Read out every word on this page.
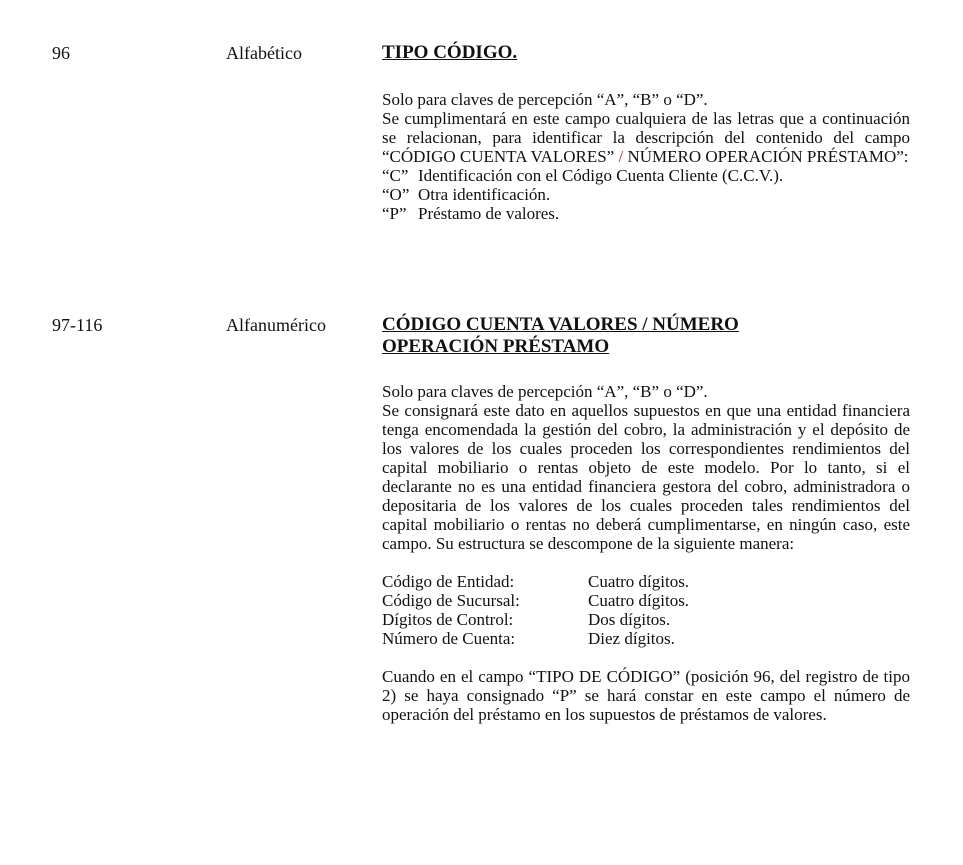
96	Alfabético	TIPO CÓDIGO.

Solo para claves de percepción “A”, “B” o “D”.

Se cumplimentará en este campo cualquiera de las letras que a continuación se relacionan, para identificar la descripción del contenido del campo “CÓDIGO CUENTA VALORES” / NÚMERO OPERACIÓN PRÉSTAMO”:

“C” Identificación con el Código Cuenta Cliente (C.C.V.).
“O” Otra identificación.
“P” Préstamo de valores.
97-116	Alfanumérico	CÓDIGO CUENTA VALORES / NÚMERO

OPERACIÓN PRÉSTAMO

Solo para claves de percepción “A”, “B” o “D”.

Se consignará este dato en aquellos supuestos en que una entidad financiera tenga encomendada la gestión del cobro, la administración y el depósito de los valores de los cuales proceden los correspondientes rendimientos del capital mobiliario o rentas objeto de este modelo. Por lo tanto, si el declarante no es una entidad financiera gestora del cobro, administradora o depositaria de los valores de los cuales proceden tales rendimientos del capital mobiliario o rentas no deberá cumplimentarse, en ningún caso, este campo. Su estructura se descompone de la siguiente manera:

Código de Entidad:	Cuatro dígitos.
Código de Sucursal:	Cuatro dígitos.
Dígitos de Control:	Dos dígitos.
Número de Cuenta:	Diez dígitos.

Cuando en el campo “TIPO DE CÓDIGO” (posición 96, del registro de tipo 2) se haya consignado “P” se hará constar en este campo el número de operación del préstamo en los supuestos de préstamos de valores.
